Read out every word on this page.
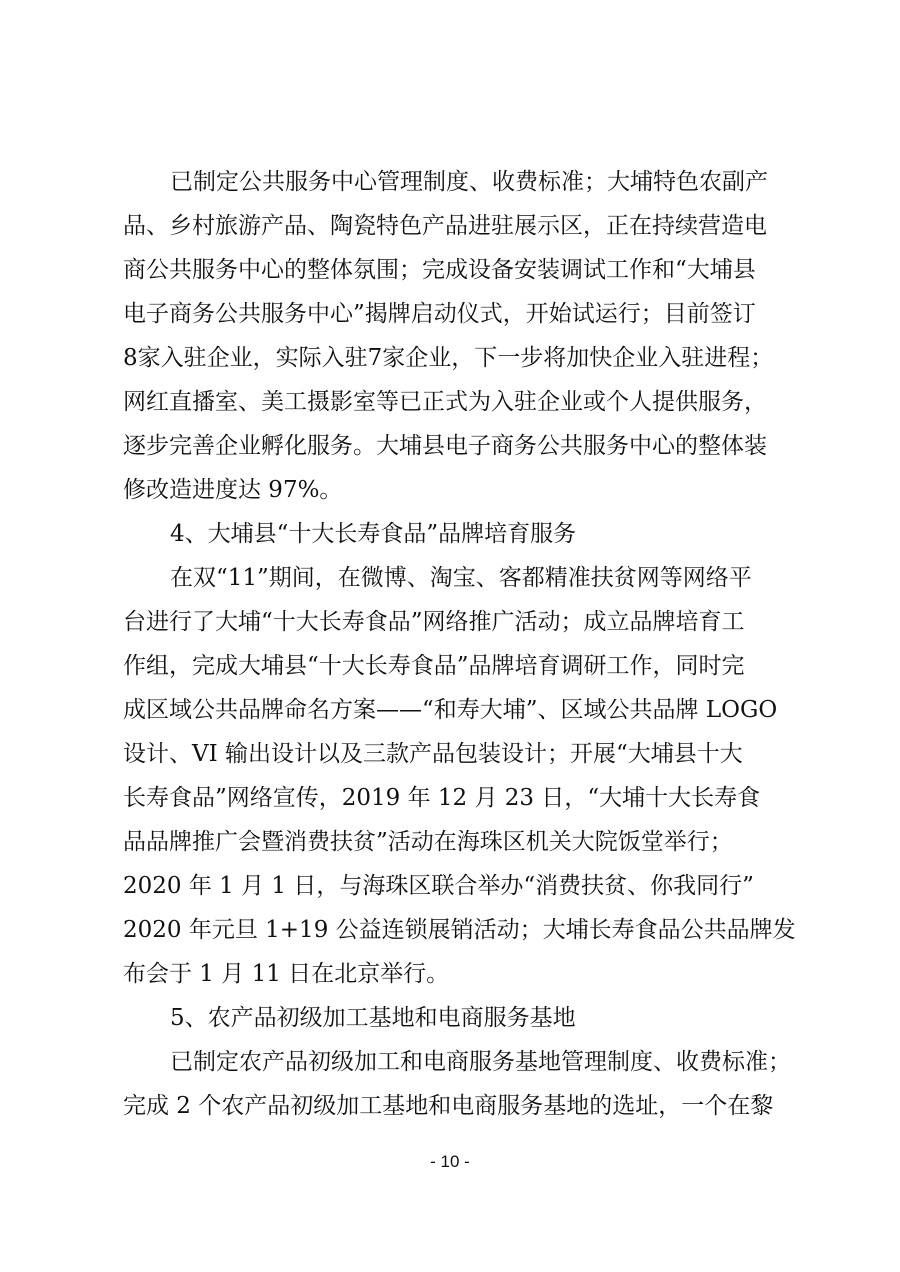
已制定公共服务中心管理制度、收费标准；大埔特色农副产
品、乡村旅游产品、陶瓷特色产品进驻展示区，正在持续营造电
商公共服务中心的整体氛围；完成设备安装调试工作和“大埔县
电子商务公共服务中心”揭牌启动仪式，开始试运行；目前签订
8家入驻企业，实际入驻7家企业，下一步将加快企业入驻进程；
网红直播室、美工摄影室等已正式为入驻企业或个人提供服务，
逐步完善企业孵化服务。大埔县电子商务公共服务中心的整体装
修改造进度达 97%。
4、大埔县“十大长寿食品”品牌培育服务
在双“11”期间，在微博、淘宝、客都精准扶贫网等网络平
台进行了大埔“十大长寿食品”网络推广活动；成立品牌培育工
作组，完成大埔县“十大长寿食品”品牌培育调研工作，同时完
成区域公共品牌命名方案——“和寿大埔”、区域公共品牌 LOGO
设计、VI 输出设计以及三款产品包装设计；开展“大埔县十大
长寿食品”网络宣传，2019 年 12 月 23 日，“大埔十大长寿食
品品牌推广会暨消费扶贫”活动在海珠区机关大院饭堂举行；
2020 年 1 月 1 日，与海珠区联合举办“消费扶贫、你我同行”
2020 年元旦 1+19 公益连锁展销活动；大埔长寿食品公共品牌发
布会于 1 月 11 日在北京举行。
5、农产品初级加工基地和电商服务基地
已制定农产品初级加工和电商服务基地管理制度、收费标准；
完成 2 个农产品初级加工基地和电商服务基地的选址，一个在黎
- 10 -
